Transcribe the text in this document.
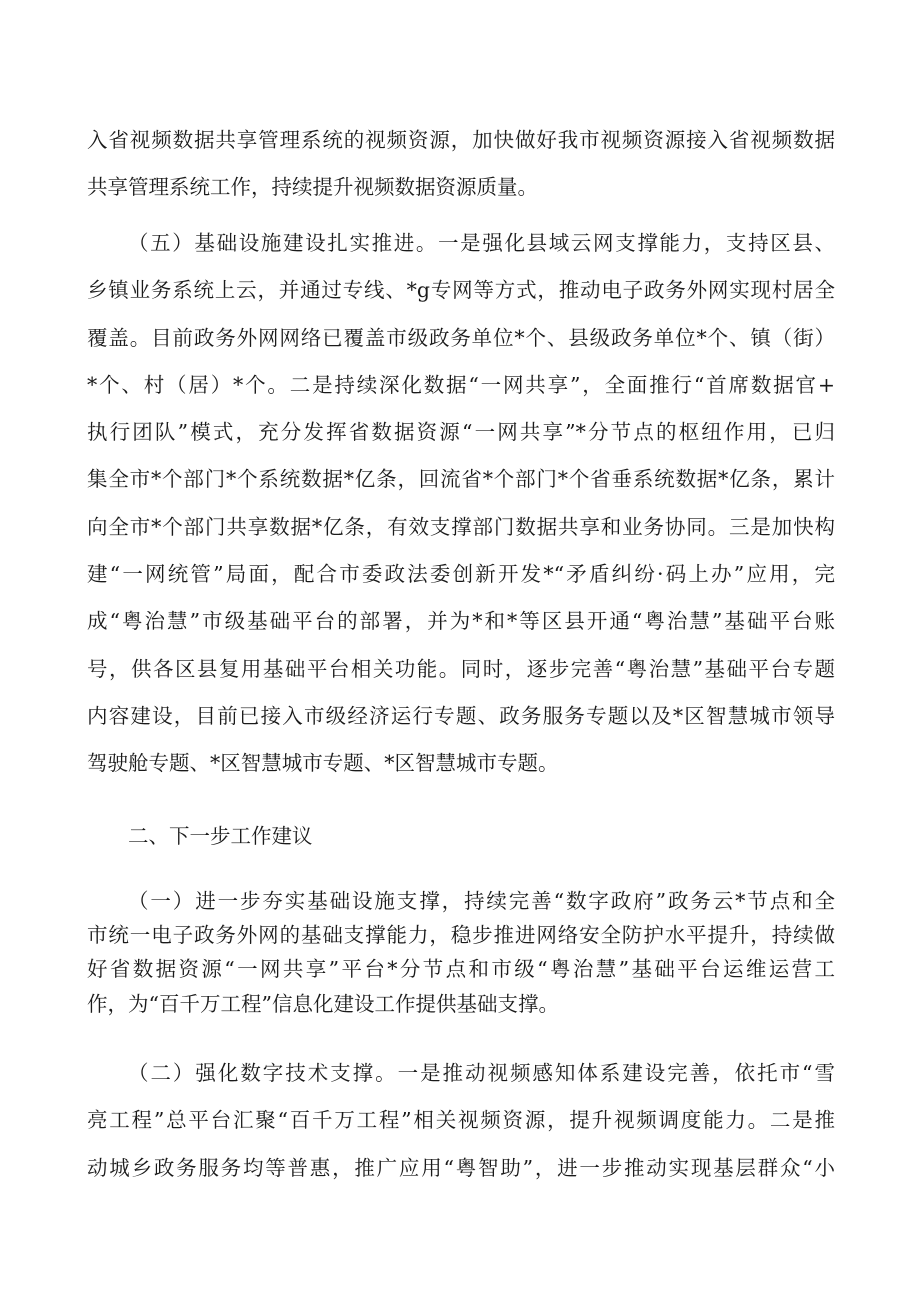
入省视频数据共享管理系统的视频资源，加快做好我市视频资源接入省视频数据
共享管理系统工作，持续提升视频数据资源质量。
（五）基础设施建设扎实推进。一是强化县域云网支撑能力，支持区县、
乡镇业务系统上云，并通过专线、*g专网等方式，推动电子政务外网实现村居全
覆盖。目前政务外网网络已覆盖市级政务单位*个、县级政务单位*个、镇（街）
*个、村（居）*个。二是持续深化数据“一网共享”，全面推行“首席数据官+
执行团队”模式，充分发挥省数据资源“一网共享”*分节点的枢纽作用，已归
集全市*个部门*个系统数据*亿条，回流省*个部门*个省垂系统数据*亿条，累计
向全市*个部门共享数据*亿条，有效支撑部门数据共享和业务协同。三是加快构
建“一网统管”局面，配合市委政法委创新开发*“矛盾纠纷·码上办”应用，完
成“粤治慧”市级基础平台的部署，并为*和*等区县开通“粤治慧”基础平台账
号，供各区县复用基础平台相关功能。同时，逐步完善“粤治慧”基础平台专题
内容建设，目前已接入市级经济运行专题、政务服务专题以及*区智慧城市领导
驾驶舱专题、*区智慧城市专题、*区智慧城市专题。
二、下一步工作建议
（一）进一步夯实基础设施支撑，持续完善“数字政府”政务云*节点和全
市统一电子政务外网的基础支撑能力，稳步推进网络安全防护水平提升，持续做
好省数据资源“一网共享”平台*分节点和市级“粤治慧”基础平台运维运营工
作，为“百千万工程”信息化建设工作提供基础支撑。
（二）强化数字技术支撑。一是推动视频感知体系建设完善，依托市“雪
亮工程”总平台汇聚“百千万工程”相关视频资源，提升视频调度能力。二是推
动城乡政务服务均等普惠，推广应用“粤智助”，进一步推动实现基层群众“小
